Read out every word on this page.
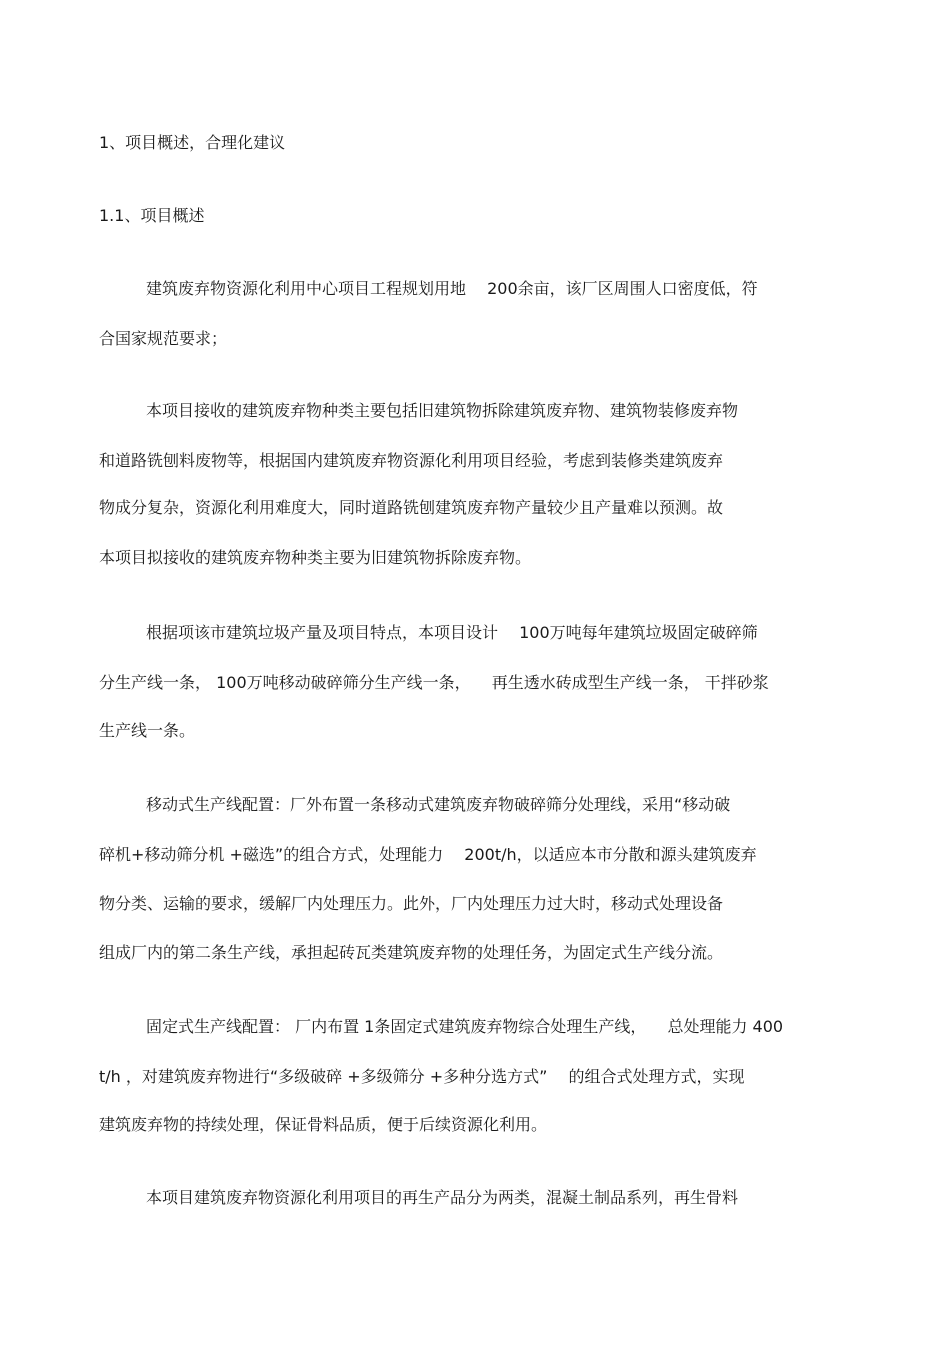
1、项目概述，合理化建议
1.1、项目概述
建筑废弃物资源化利用中心项目工程规划用地 　200余亩，该厂区周围人口密度低，符
合国家规范要求；
本项目接收的建筑废弃物种类主要包括旧建筑物拆除建筑废弃物、建筑物装修废弃物
和道路铣刨料废物等，根据国内建筑废弃物资源化利用项目经验，考虑到装修类建筑废弃
物成分复杂，资源化利用难度大，同时道路铣刨建筑废弃物产量较少且产量难以预测。故
本项目拟接收的建筑废弃物种类主要为旧建筑物拆除废弃物。
根据项该市建筑垃圾产量及项目特点，本项目设计 　100万吨每年建筑垃圾固定破碎筛
分生产线一条， 100万吨移动破碎筛分生产线一条， 　再生透水砖成型生产线一条， 干拌砂浆
生产线一条。
移动式生产线配置：厂外布置一条移动式建筑废弃物破碎筛分处理线，采用“移动破
碎机+移动筛分机 +磁选”的组合方式，处理能力 　200t/h，以适应本市分散和源头建筑废弃
物分类、运输的要求，缓解厂内处理压力。此外，厂内处理压力过大时，移动式处理设备
组成厂内的第二条生产线，承担起砖瓦类建筑废弃物的处理任务，为固定式生产线分流。
固定式生产线配置： 厂内布置 1条固定式建筑废弃物综合处理生产线， 　总处理能力 400
t/h ，对建筑废弃物进行“多级破碎 +多级筛分 +多种分选方式” 　的组合式处理方式，实现
建筑废弃物的持续处理，保证骨料品质，便于后续资源化利用。
本项目建筑废弃物资源化利用项目的再生产品分为两类，混凝土制品系列，再生骨料
